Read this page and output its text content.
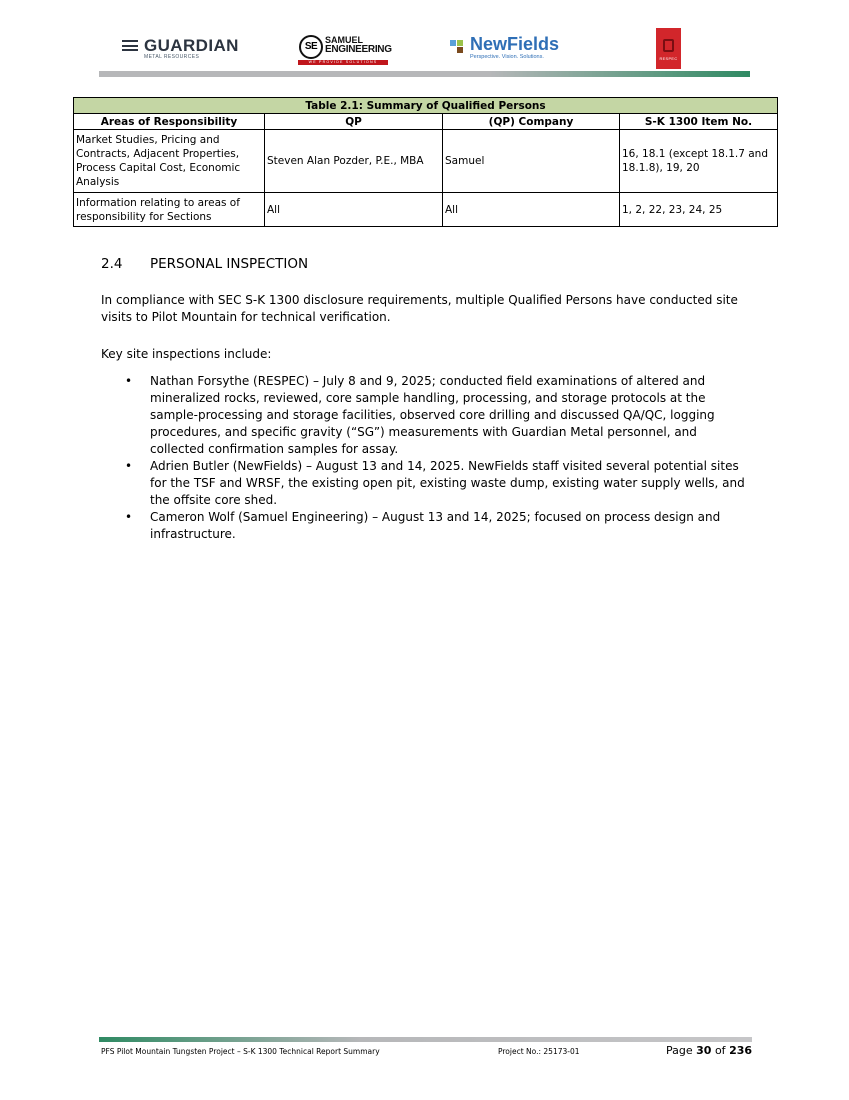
GUARDIAN
METAL RESOURCES
SE
SAMUEL
ENGINEERING
WE PROVIDE SOLUTIONS
NewFields
Perspective. Vision. Solutions.	RESPEC
Table 2.1: Summary of Qualified Persons			
Areas of Responsibility	QP	(QP) Company	S-K 1300 Item No.
Market Studies, Pricing and Contracts, Adjacent Properties, Process Capital Cost, Economic Analysis	Steven Alan Pozder, P.E., MBA	Samuel	16, 18.1 (except 18.1.7 and 18.1.8), 19, 20
Information relating to areas of responsibility for Sections	All	All	1, 2, 22, 23, 24, 25
2.4 PERSONAL INSPECTION

In compliance with SEC S-K 1300 disclosure requirements, multiple Qualified Persons have conducted site visits to Pilot Mountain for technical verification.

Key site inspections include:

• Nathan Forsythe (RESPEC) – July 8 and 9, 2025; conducted field examinations of altered and mineralized rocks, reviewed, core sample handling, processing, and storage protocols at the sample-processing and storage facilities, observed core drilling and discussed QA/QC, logging procedures, and specific gravity (“SG”) measurements with Guardian Metal personnel, and collected confirmation samples for assay.
• Adrien Butler (NewFields) – August 13 and 14, 2025. NewFields staff visited several potential sites for the TSF and WRSF, the existing open pit, existing waste dump, existing water supply wells, and the offsite core shed.
• Cameron Wolf (Samuel Engineering) – August 13 and 14, 2025; focused on process design and infrastructure.
PFS Pilot Mountain Tungsten Project – S-K 1300 Technical Report Summary	Project No.: 25173-01	Page 30 of 236
